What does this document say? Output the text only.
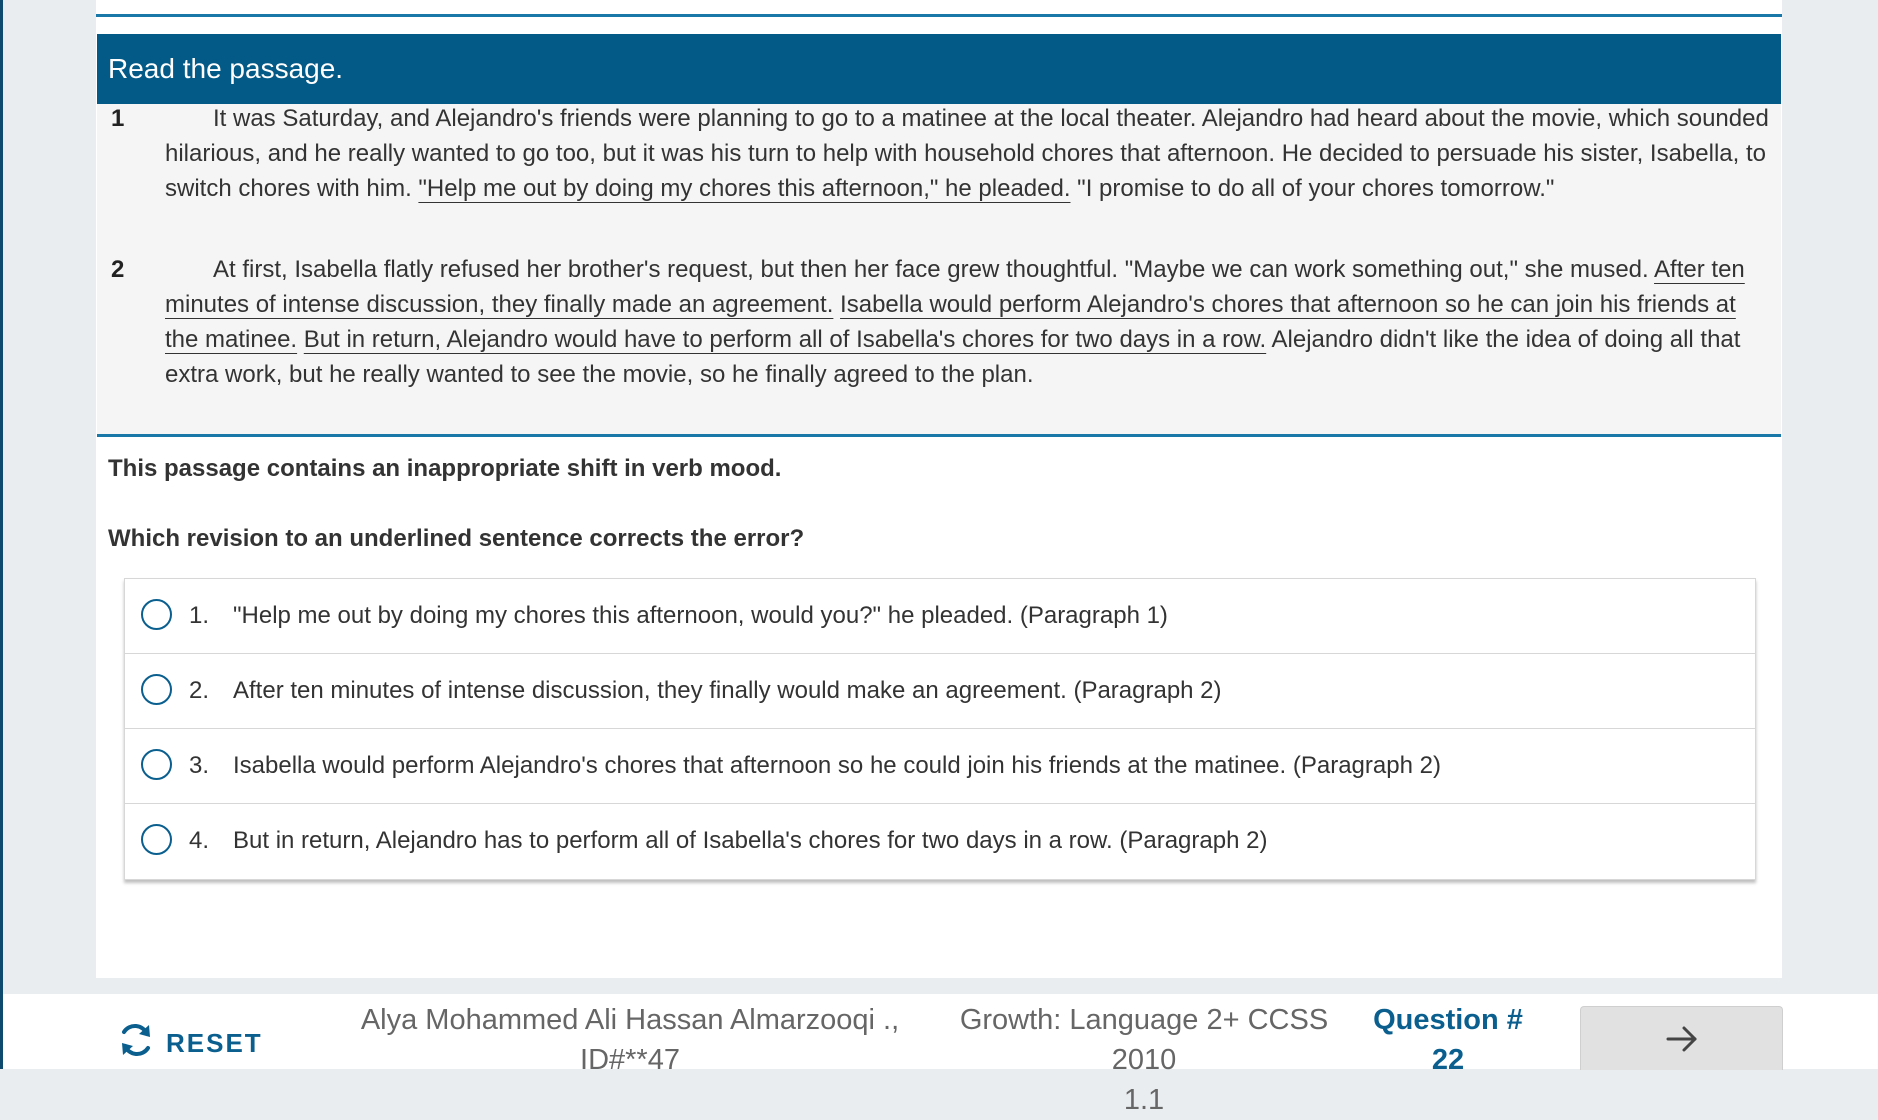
Read the passage.
1	It was Saturday, and Alejandro's friends were planning to go to a matinee at the local theater. Alejandro had heard about the movie, which sounded hilarious, and he really wanted to go too, but it was his turn to help with household chores that afternoon. He decided to persuade his sister, Isabella, to switch chores with him. "Help me out by doing my chores this afternoon," he pleaded. "I promise to do all of your chores tomorrow."
2	At first, Isabella flatly refused her brother's request, but then her face grew thoughtful. "Maybe we can work something out," she mused. After ten minutes of intense discussion, they finally made an agreement. Isabella would perform Alejandro's chores that afternoon so he can join his friends at the matinee. But in return, Alejandro would have to perform all of Isabella's chores for two days in a row. Alejandro didn't like the idea of doing all that extra work, but he really wanted to see the movie, so he finally agreed to the plan.
This passage contains an inappropriate shift in verb mood.
Which revision to an underlined sentence corrects the error?
1. "Help me out by doing my chores this afternoon, would you?" he pleaded. (Paragraph 1)
2. After ten minutes of intense discussion, they finally would make an agreement. (Paragraph 2)
3. Isabella would perform Alejandro's chores that afternoon so he could join his friends at the matinee. (Paragraph 2)
4. But in return, Alejandro has to perform all of Isabella's chores for two days in a row. (Paragraph 2)
RESET
Alya Mohammed Ali Hassan Almarzooqi .,
ID#**47
Growth: Language 2+ CCSS 2010
1.1
Question #
22
